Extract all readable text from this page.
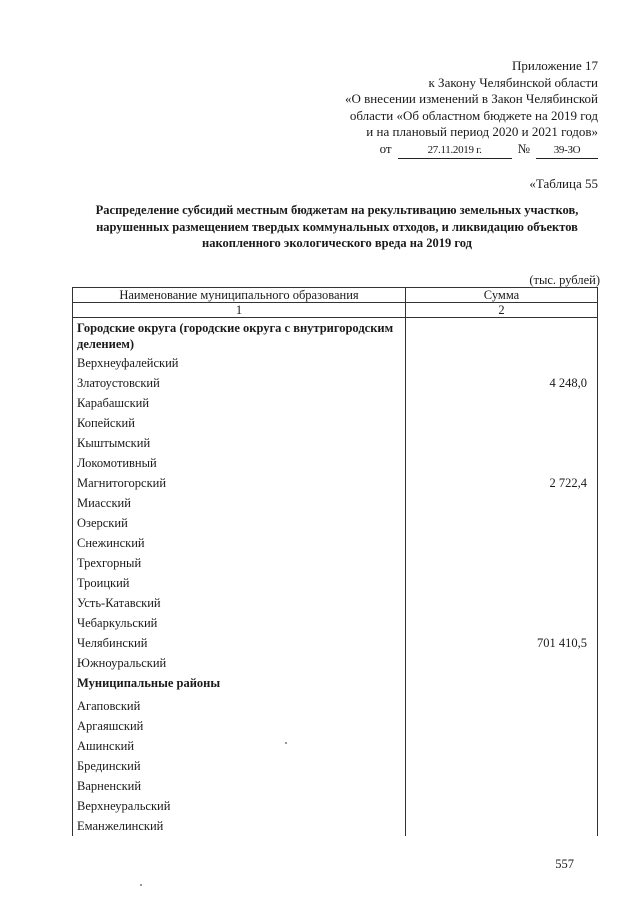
Приложение 17
к Закону Челябинской области
«О внесении изменений в Закон Челябинской
области «Об областном бюджете на 2019 год
и на плановый период 2020 и 2021 годов»
от	27.11.2019 г.	№	39-ЗО
«Таблица 55
Распределение субсидий местным бюджетам на рекультивацию земельных участков, нарушенных размещением твердых коммунальных отходов, и ликвидацию объектов накопленного экологического вреда на 2019 год
(тыс. рублей)
Наименование муниципального образования	Сумма
1	2
Городские округа (городские округа с внутригородским делением)	
Верхнеуфалейский	
Златоустовский	4 248,0
Карабашский	
Копейский	
Кыштымский	
Локомотивный	
Магнитогорский	2 722,4
Миасский	
Озерский	
Снежинский	
Трехгорный	
Троицкий	
Усть-Катавский	
Чебаркульский	
Челябинский	701 410,5
Южноуральский	
Муниципальные районы	
Агаповский	
Аргаяшский	
Ашинский	
Брединский	
Варненский	
Верхнеуральский	
Еманжелинский	
557
